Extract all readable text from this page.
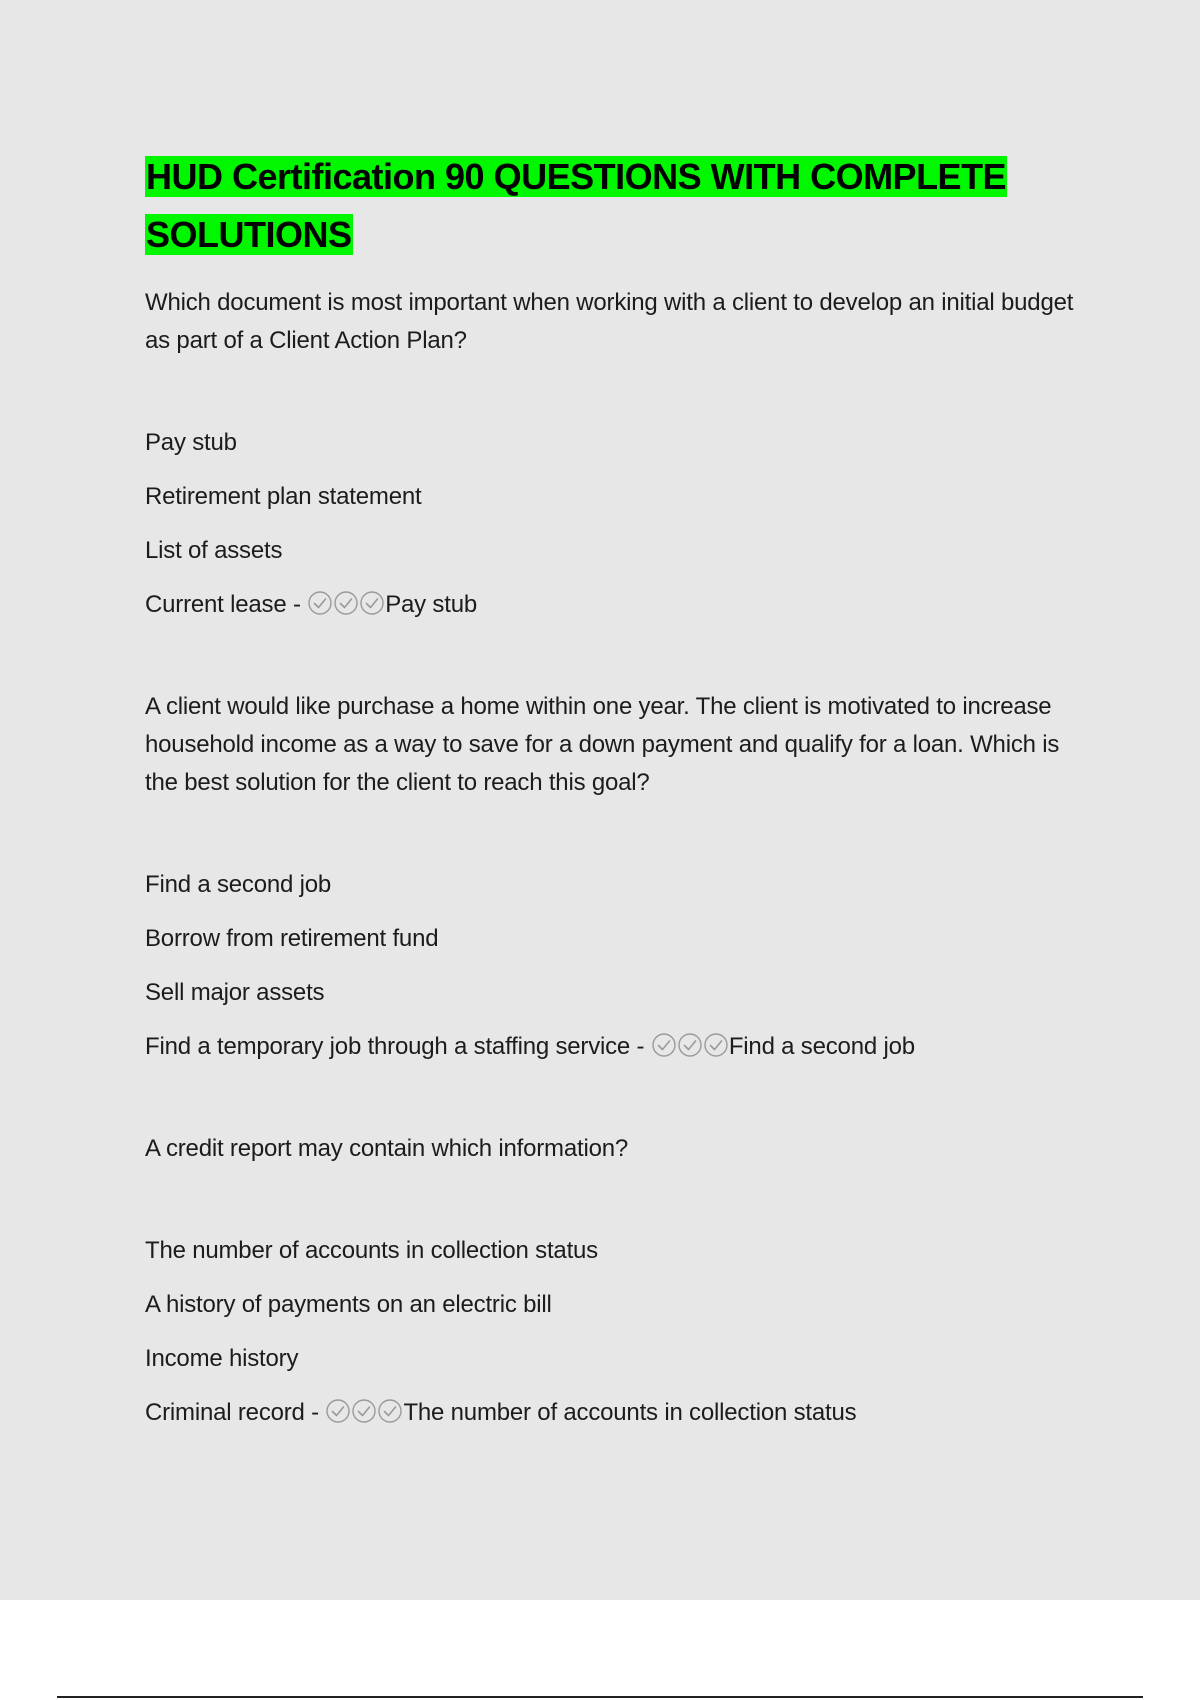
HUD Certification 90 QUESTIONS WITH COMPLETE SOLUTIONS
Which document is most important when working with a client to develop an initial budget as part of a Client Action Plan?
Pay stub
Retirement plan statement
List of assets
Current lease -	Pay stub
A client would like purchase a home within one year. The client is motivated to increase household income as a way to save for a down payment and qualify for a loan. Which is the best solution for the client to reach this goal?
Find a second job
Borrow from retirement fund
Sell major assets
Find a temporary job through a staffing service -	Find a second job
A credit report may contain which information?
The number of accounts in collection status
A history of payments on an electric bill
Income history
Criminal record -	The number of accounts in collection status
